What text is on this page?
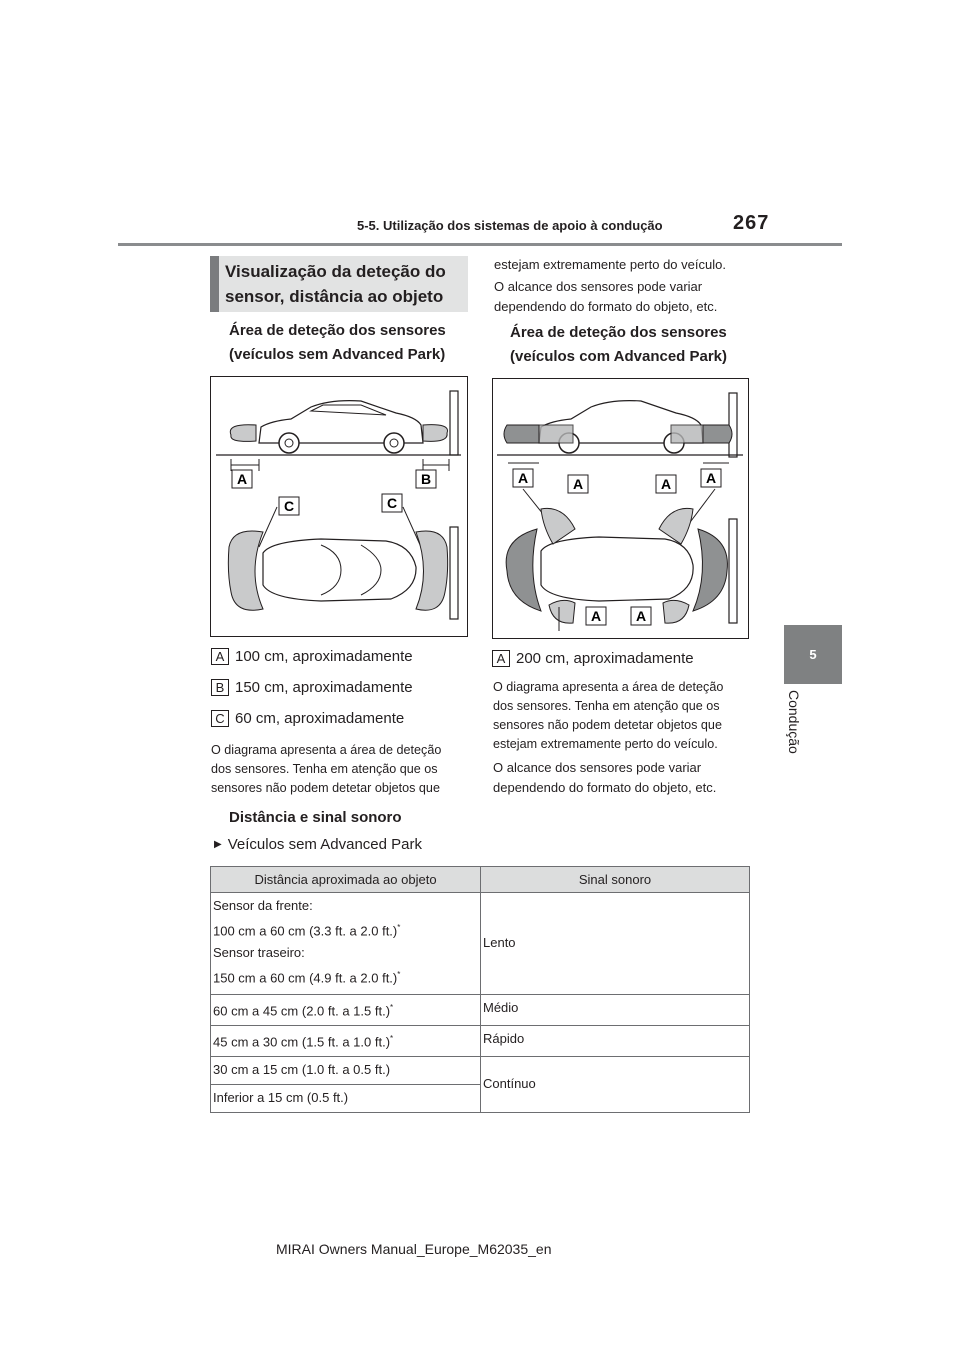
5-5. Utilização dos sistemas de apoio à condução	267
5
Condução
Visualização da deteção do
sensor, distância ao objeto
Área de deteção dos sensores
(veículos sem Advanced Park)
A	B
C	C
estejam extremamente perto do veículo.
O alcance dos sensores pode variar
dependendo do formato do objeto, etc.
Área de deteção dos sensores
(veículos com Advanced Park)
A	A	A A
A A
A 100 cm, aproximadamente
B 150 cm, aproximadamente
C 60 cm, aproximadamente
O diagrama apresenta a área de deteção
dos sensores. Tenha em atenção que os
sensores não podem detetar objetos que
Distância e sinal sonoro
▶ Veículos sem Advanced Park
A 200 cm, aproximadamente
O diagrama apresenta a área de deteção
dos sensores. Tenha em atenção que os
sensores não podem detetar objetos que
estejam extremamente perto do veículo.
O alcance dos sensores pode variar
dependendo do formato do objeto, etc.
Distância aproximada ao objeto	Sinal sonoro

Sensor da frente:

100 cm a 60 cm (3.3 ft. a 2.0 ft.)*

Sensor traseiro:

150 cm a 60 cm (4.9 ft. a 2.0 ft.)*	Lento
60 cm a 45 cm (2.0 ft. a 1.5 ft.)*	Médio
45 cm a 30 cm (1.5 ft. a 1.0 ft.)*	Rápido
30 cm a 15 cm (1.0 ft. a 0.5 ft.)	Contínuo
Inferior a 15 cm (0.5 ft.)	
MIRAI Owners Manual_Europe_M62035_en
